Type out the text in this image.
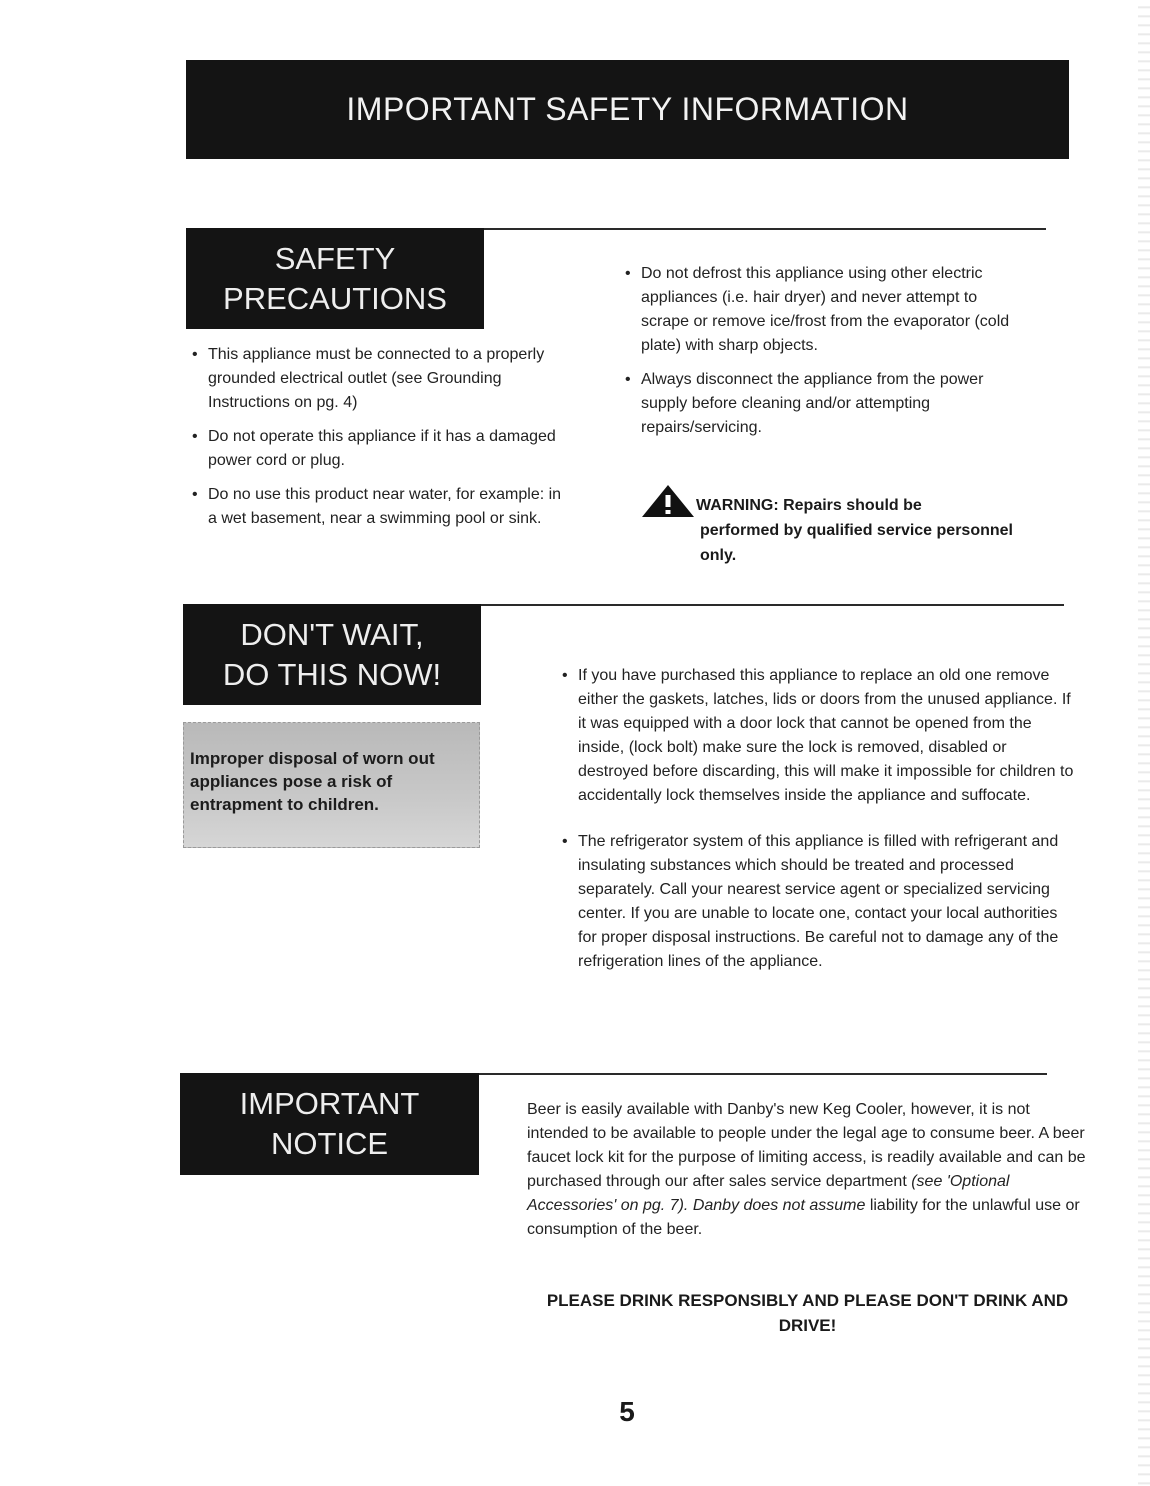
IMPORTANT SAFETY INFORMATION
SAFETY
PRECAUTIONS
• This appliance must be connected to a properly grounded electrical outlet (see Grounding Instructions on pg. 4)
• Do not operate this appliance if it has a damaged power cord or plug.
• Do no use this product near water, for example: in a wet basement, near a swimming pool or sink.
• Do not defrost this appliance using other electric appliances (i.e. hair dryer) and never attempt to scrape or remove ice/frost from the evaporator (cold plate) with sharp objects.
• Always disconnect the appliance from the power supply before cleaning and/or attempting repairs/servicing.
WARNING: Repairs should be
performed by qualified service personnel only.
DON'T WAIT,
DO THIS NOW!
Improper disposal of worn out appliances pose a risk of entrapment to children.
• If you have purchased this appliance to replace an old one remove either the gaskets, latches, lids or doors from the unused appliance. If it was equipped with a door lock that cannot be opened from the inside, (lock bolt) make sure the lock is removed, disabled or destroyed before discarding, this will make it impossible for children to accidentally lock themselves inside the appliance and suffocate.
• The refrigerator system of this appliance is filled with refrigerant and insulating substances which should be treated and processed separately. Call your nearest service agent or specialized servicing center. If you are unable to locate one, contact your local authorities for proper disposal instructions. Be careful not to damage any of the refrigeration lines of the appliance.
IMPORTANT
NOTICE
Beer is easily available with Danby's new Keg Cooler, however, it is not intended to be available to people under the legal age to consume beer. A beer faucet lock kit for the purpose of limiting access, is readily available and can be purchased through our after sales service department (see 'Optional Accessories' on pg. 7). Danby does not assume liability for the unlawful use or consumption of the beer.
PLEASE DRINK RESPONSIBLY AND PLEASE DON'T DRINK AND DRIVE!
5
